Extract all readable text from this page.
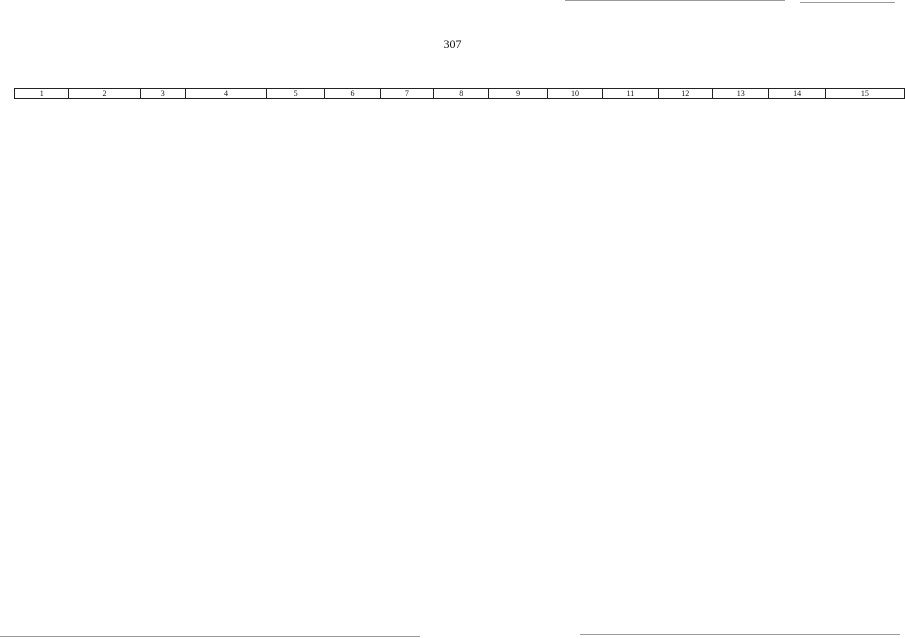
307
1	2	3	4	5	6	7	8	9	10	11	12	13	14	15
